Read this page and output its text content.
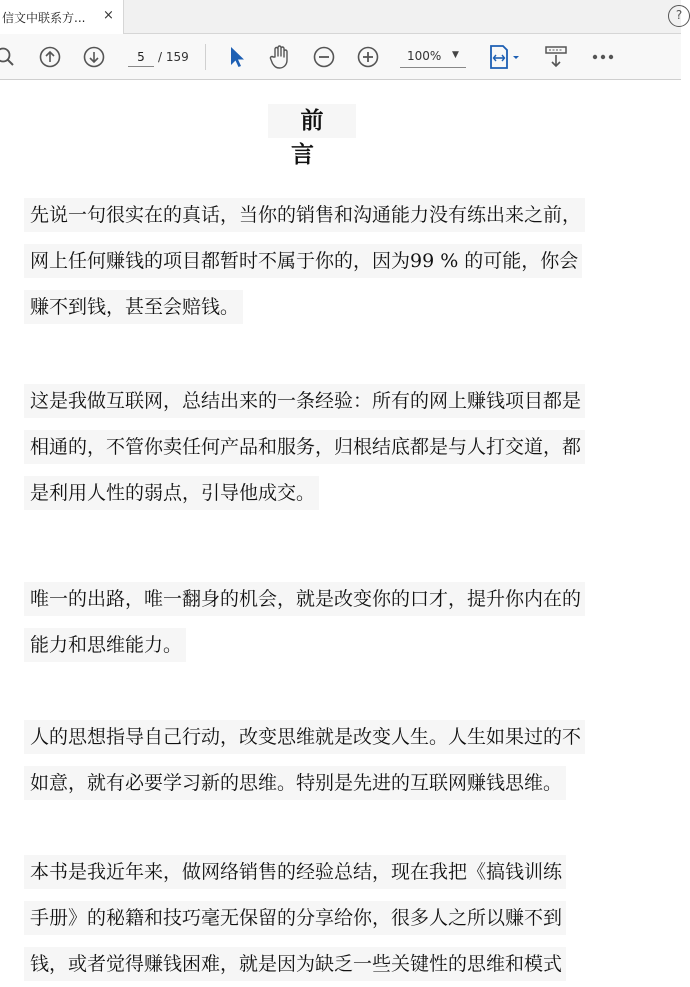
信文中联系方...	×	?
5	/ 159	100% ▼
前言
先说一句很实在的真话，当你的销售和沟通能力没有练出来之前，
网上任何赚钱的项目都暂时不属于你的，因为99 % 的可能，你会
赚不到钱，甚至会赔钱。
这是我做互联网，总结出来的一条经验：所有的网上赚钱项目都是
相通的，不管你卖任何产品和服务，归根结底都是与人打交道，都
是利用人性的弱点，引导他成交。
唯一的出路，唯一翻身的机会，就是改变你的口才，提升你内在的
能力和思维能力。
人的思想指导自己行动，改变思维就是改变人生。人生如果过的不
如意，就有必要学习新的思维。特别是先进的互联网赚钱思维。
本书是我近年来，做网络销售的经验总结，现在我把《搞钱训练
手册》的秘籍和技巧毫无保留的分享给你，很多人之所以赚不到
钱，或者觉得赚钱困难，就是因为缺乏一些关键性的思维和模式
